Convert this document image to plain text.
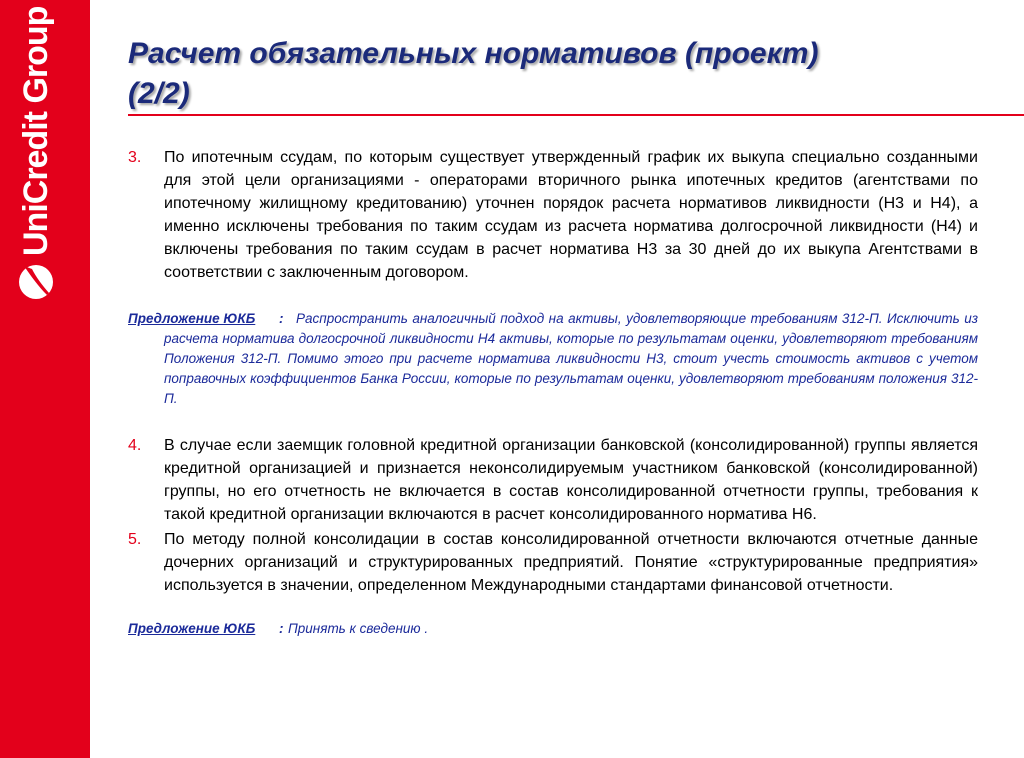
UniCredit Group Расчет обязательных нормативов (проект)
(2/2)

3. По ипотечным ссудам, по которым существует утвержденный график их выкупа специально созданными для этой цели организациями - операторами вторичного рынка ипотечных кредитов (агентствами по ипотечному жилищному кредитованию) уточнен порядок расчета нормативов ликвидности (Н3 и Н4), а именно исключены требования по таким ссудам из расчета норматива долгосрочной ликвидности (Н4) и включены требования по таким ссудам в расчет норматива Н3 за 30 дней до их выкупа Агентствами в соответствии с заключенным договором.

Предложение ЮКБ : Распространить аналогичный подход на активы, удовлетворяющие требованиям 312-П. Исключить из расчета норматива долгосрочной ликвидности Н4 активы, которые по результатам оценки, удовлетворяют требованиям Положения 312-П. Помимо этого при расчете норматива ликвидности Н3, стоит учесть стоимость активов с учетом поправочных коэффициентов Банка России, которые по результатам оценки, удовлетворяют требованиям положения 312-П.

4. В случае если заемщик головной кредитной организации банковской (консолидированной) группы является кредитной организацией и признается неконсолидируемым участником банковской (консолидированной) группы, но его отчетность не включается в состав консолидированной отчетности группы, требования к такой кредитной организации включаются в расчет консолидированного норматива Н6.

5. По методу полной консолидации в состав консолидированной отчетности включаются отчетные данные дочерних организаций и структурированных предприятий. Понятие «структурированные предприятия» используется в значении, определенном Международными стандартами финансовой отчетности.

Предложение ЮКБ : Принять к сведению .
